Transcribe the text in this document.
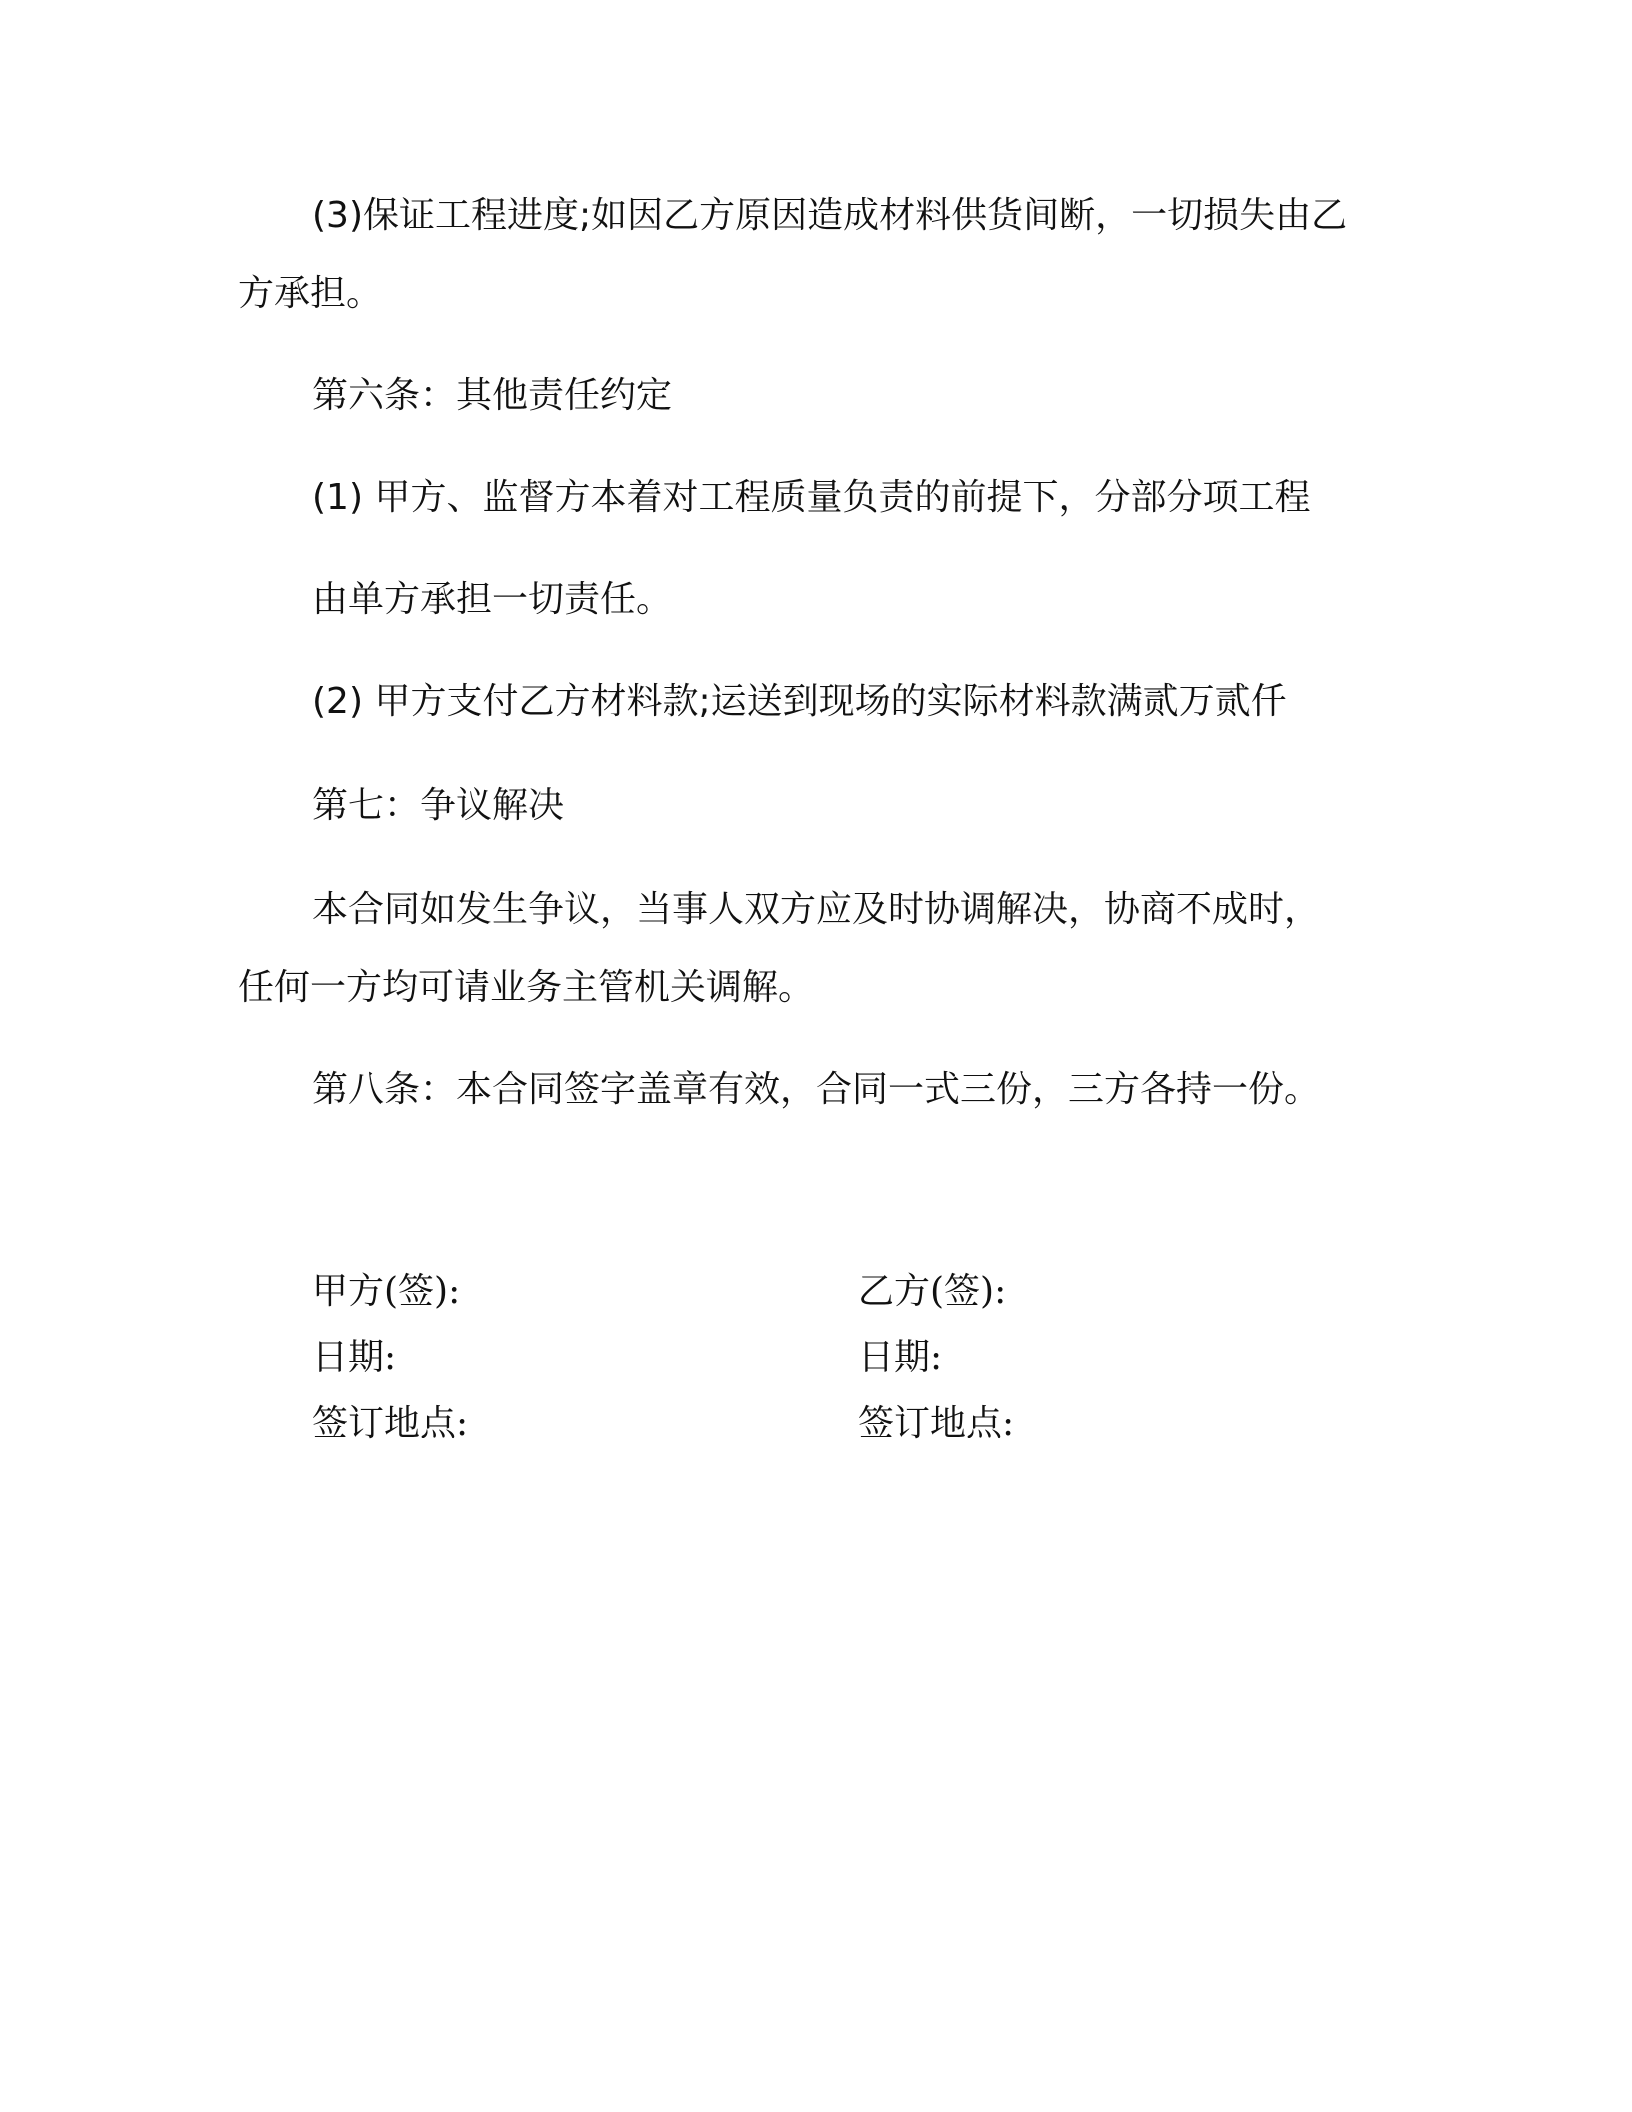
(3)保证工程进度;如因乙方原因造成材料供货间断，一切损失由乙

方承担。

第六条：其他责任约定

(1) 甲方、监督方本着对工程质量负责的前提下，分部分项工程

由单方承担一切责任。

(2) 甲方支付乙方材料款;运送到现场的实际材料款满贰万贰仟

第七：争议解决

本合同如发生争议，当事人双方应及时协调解决，协商不成时，

任何一方均可请业务主管机关调解。

第八条：本合同签字盖章有效，合同一式三份，三方各持一份。

甲方(签):

日期:

签订地点:

乙方(签):

日期:

签订地点:
